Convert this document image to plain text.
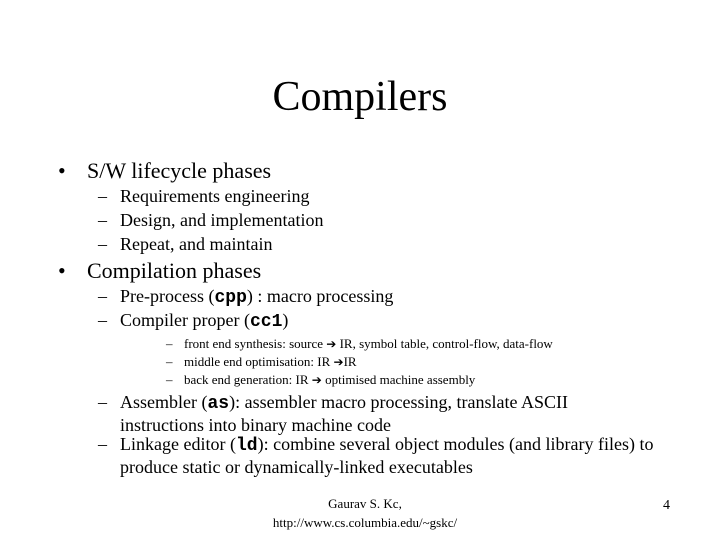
Compilers
• S/W lifecycle phases
– Requirements engineering
– Design, and implementation
– Repeat, and maintain
• Compilation phases
– Pre-process (cpp) : macro processing
– Compiler proper (cc1)
– front end synthesis: source ➔ IR, symbol table, control-flow, data-flow
– middle end optimisation: IR ➔IR
– back end generation: IR ➔ optimised machine assembly
– Assembler (as): assembler macro processing, translate ASCII instructions into binary machine code
– Linkage editor (ld): combine several object modules (and library files) to produce static or dynamically-linked executables
Gaurav S. Kc,
http://www.cs.columbia.edu/~gskc/
4
